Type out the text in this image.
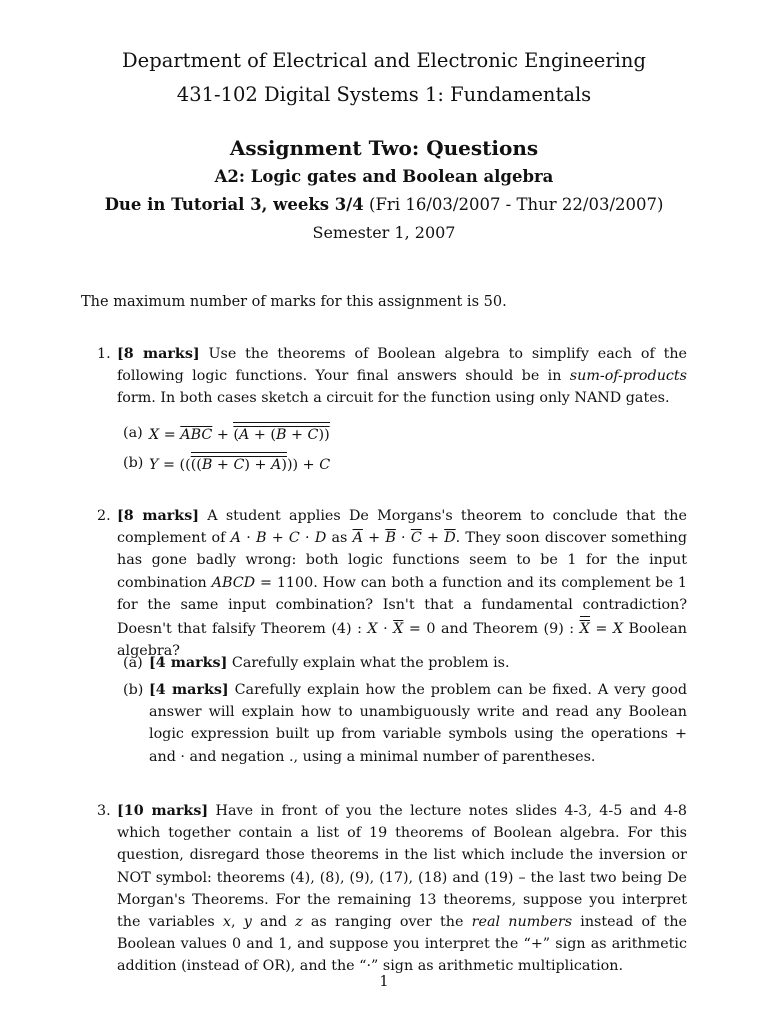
Department of Electrical and Electronic Engineering
431-102 Digital Systems 1: Fundamentals
Assignment Two: Questions
A2: Logic gates and Boolean algebra
Due in Tutorial 3, weeks 3/4 (Fri 16/03/2007 - Thur 22/03/2007)
Semester 1, 2007
The maximum number of marks for this assignment is 50.
1. [8 marks] Use the theorems of Boolean algebra to simplify each of the following logic functions. Your final answers should be in sum-of-products form. In both cases sketch a circuit for the function using only NAND gates.
(a) $X = \overline{ABC} + (A + (B + C))$
(b) Y = ((((B + C) + A))) + C
2. [8 marks] A student applies De Morgans's theorem to conclude that the complement of A · B + C · D as $\overline{A} + \overline{B} \cdot \overline{C} + \overline{D}$. They soon discover something has gone badly wrong: both logic functions seem to be 1 for the input combination ABCD = 1100. How can both a function and its complement be 1 for the same input combination? Isn't that a fundamental contradiction? Doesn't that falsify Theorem (4) : $X \cdot \overline{X} = 0$ and Theorem (9) : X = X Boolean algebra?
(a) [4 marks] Carefully explain what the problem is.
(b) [4 marks] Carefully explain how the problem can be fixed. A very good answer will explain how to unambiguously write and read any Boolean logic expression built up from variable symbols using the operations + and · and negation ., using a minimal number of parentheses.
3. [10 marks] Have in front of you the lecture notes slides 4-3, 4-5 and 4-8 which together contain a list of 19 theorems of Boolean algebra. For this question, disregard those theorems in the list which include the inversion or NOT symbol: theorems (4), (8), (9), (17), (18) and (19) – the last two being De Morgan's Theorems. For the remaining 13 theorems, suppose you interpret the variables x, y and z as ranging over the real numbers instead of the Boolean values 0 and 1, and suppose you interpret the “+” sign as arithmetic addition (instead of OR), and the “·” sign as arithmetic multiplication.
1
